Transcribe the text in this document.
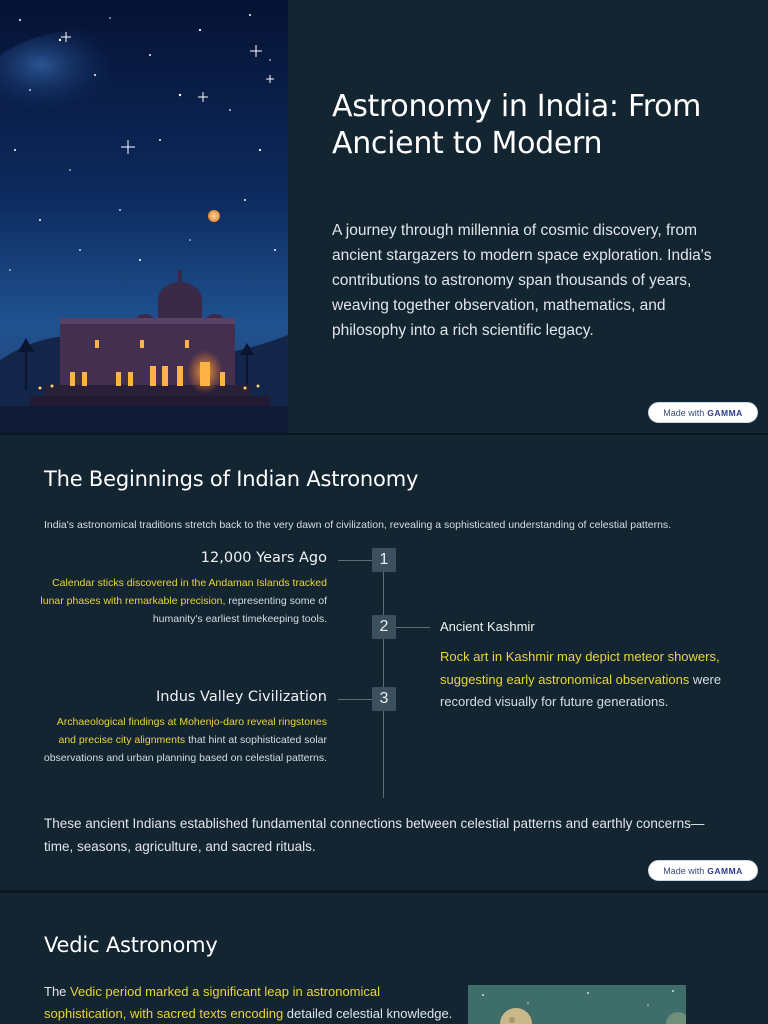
Astronomy in India: From Ancient to Modern

A journey through millennia of cosmic discovery, from ancient stargazers to modern space exploration. India's contributions to astronomy span thousands of years, weaving together observation, mathematics, and philosophy into a rich scientific legacy.

Made with GAMMA
The Beginnings of Indian Astronomy

India's astronomical traditions stretch back to the very dawn of civilization, revealing a sophisticated understanding of celestial patterns.

1
12,000 Years Ago

Calendar sticks discovered in the Andaman Islands tracked lunar phases with remarkable precision, representing some of humanity's earliest timekeeping tools.	2	Ancient Kashmir

Rock art in Kashmir may depict meteor showers, suggesting early astronomical observations were recorded visually for future generations.

3
Indus Valley Civilization

Archaeological findings at Mohenjo-daro reveal ringstones and precise city alignments that hint at sophisticated solar observations and urban planning based on celestial patterns.

These ancient Indians established fundamental connections between celestial patterns and earthly concerns—time, seasons, agriculture, and sacred rituals.

Made with GAMMA
Vedic Astronomy

The Vedic period marked a significant leap in astronomical sophistication, with sacred texts encoding detailed celestial knowledge.
